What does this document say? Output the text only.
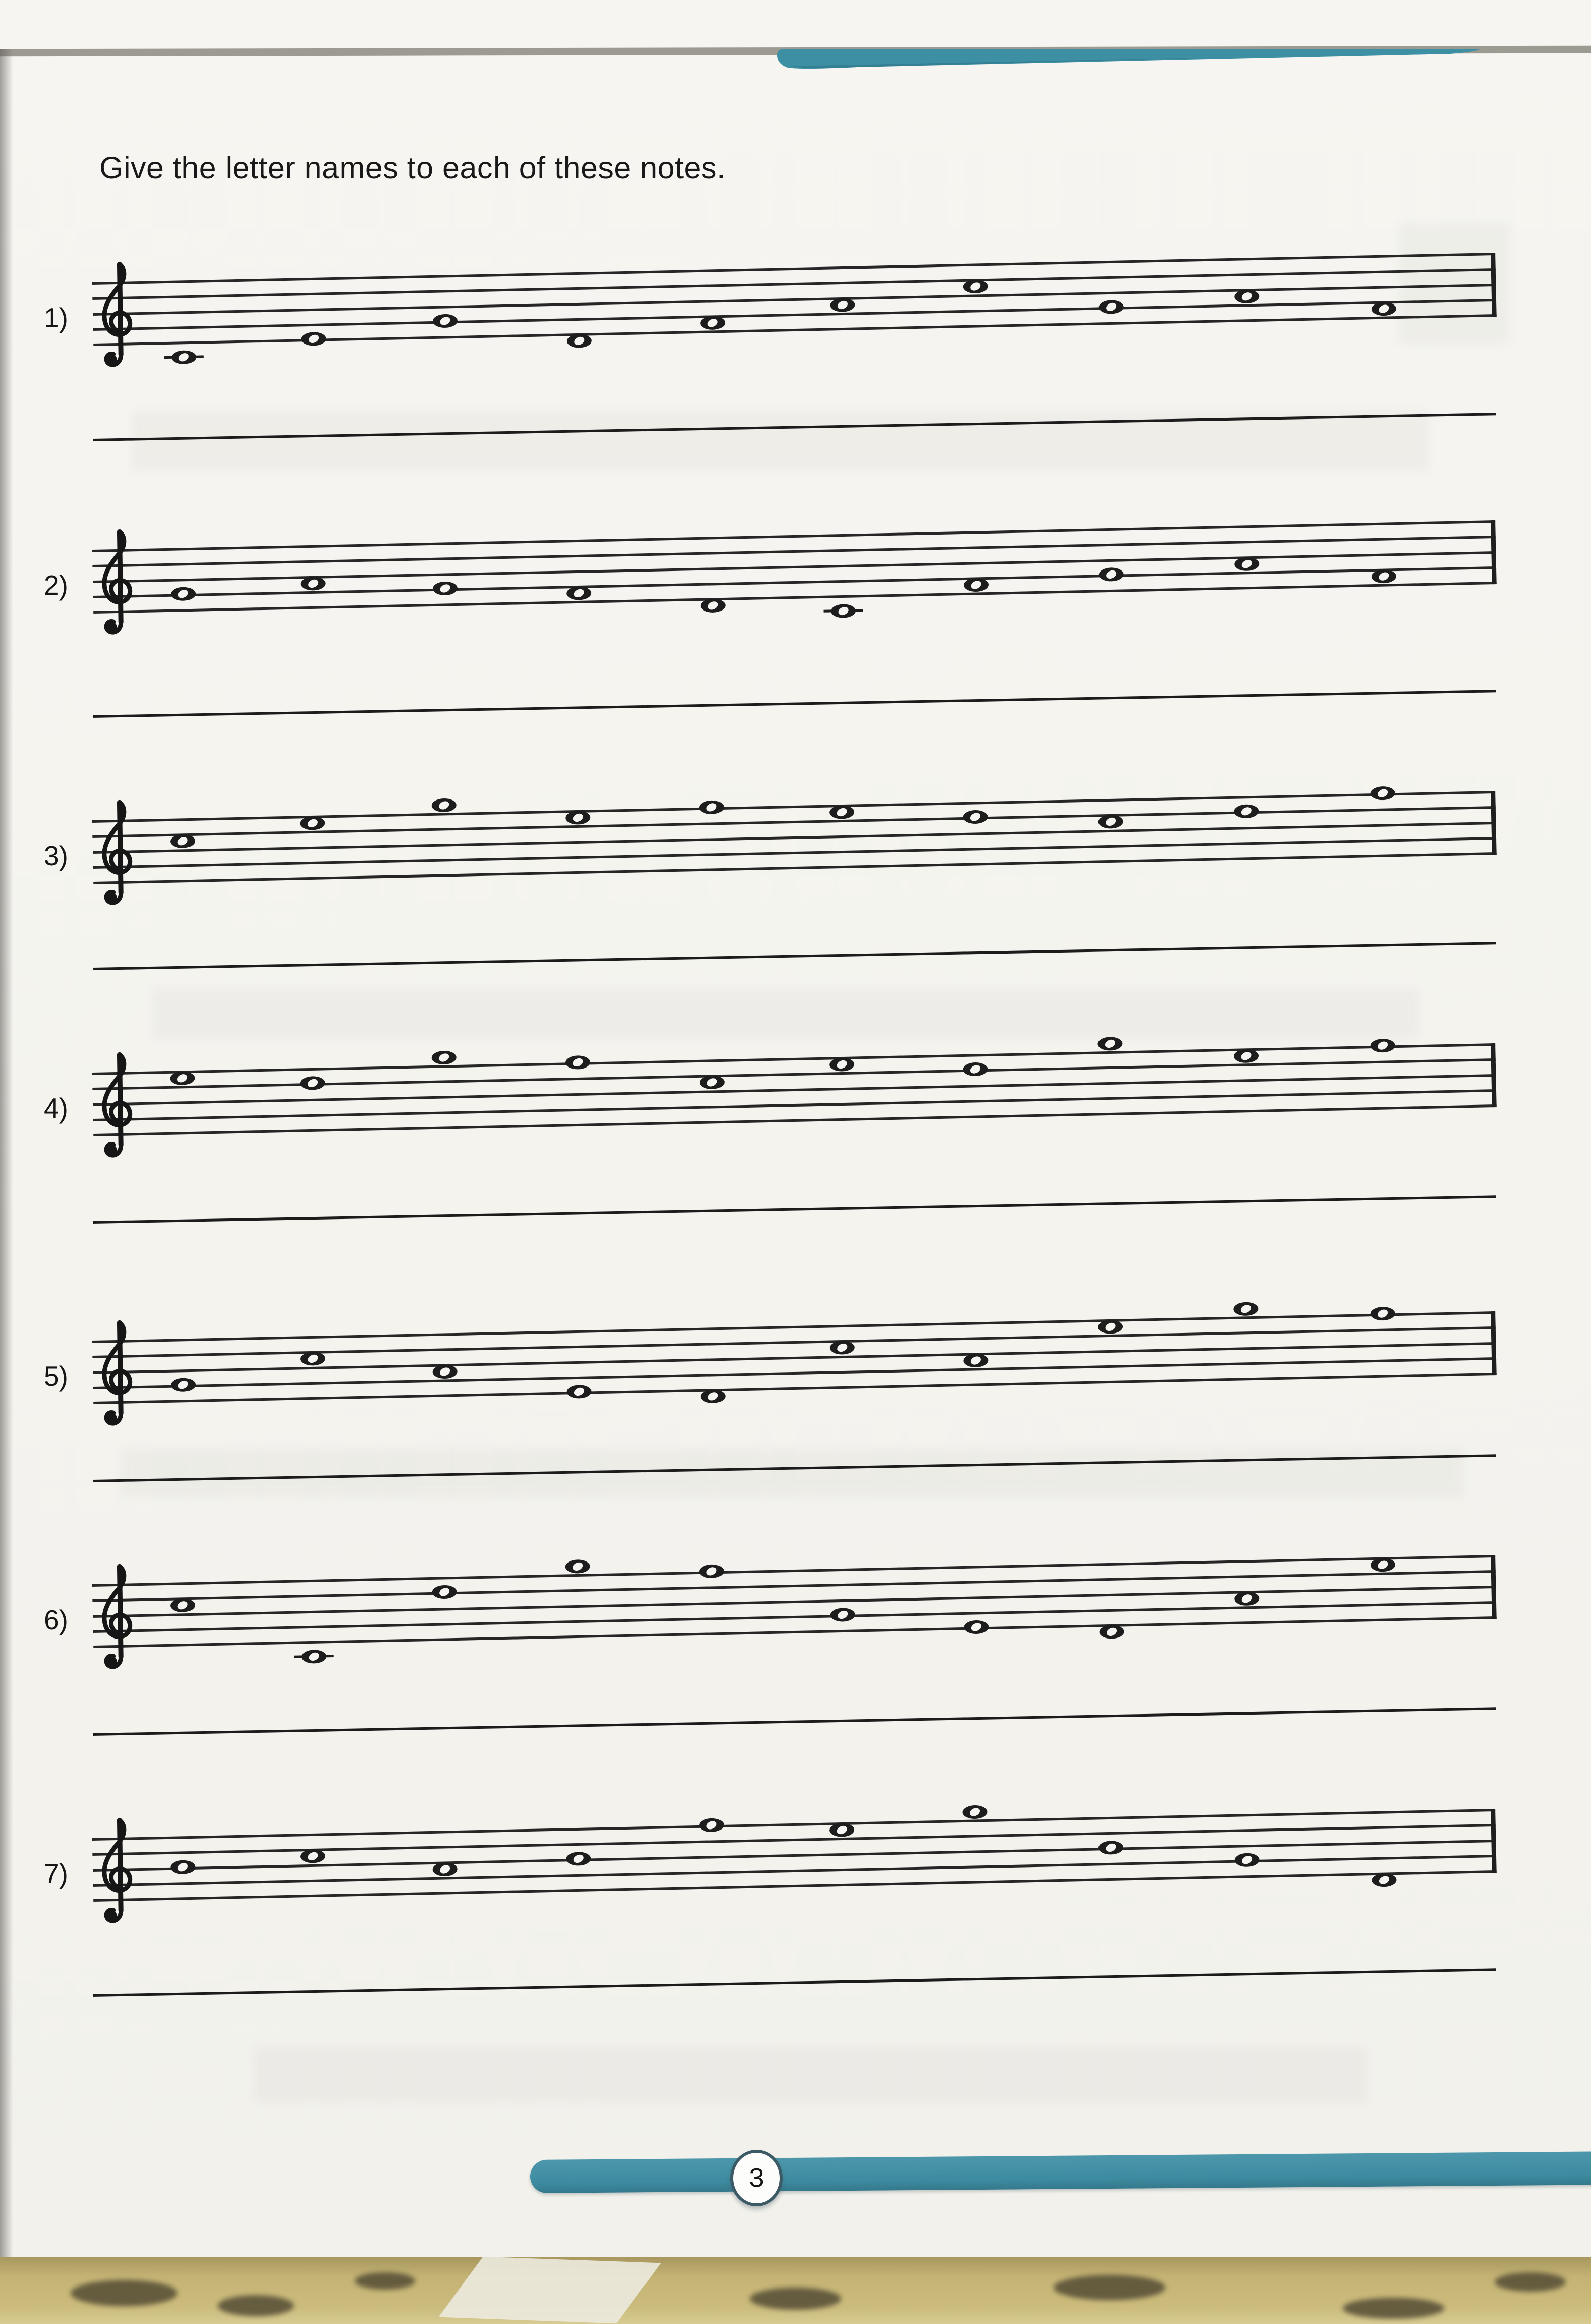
Give the letter names to each of these notes.
1)
2)
3)
4)
5)
6)
7)
3
